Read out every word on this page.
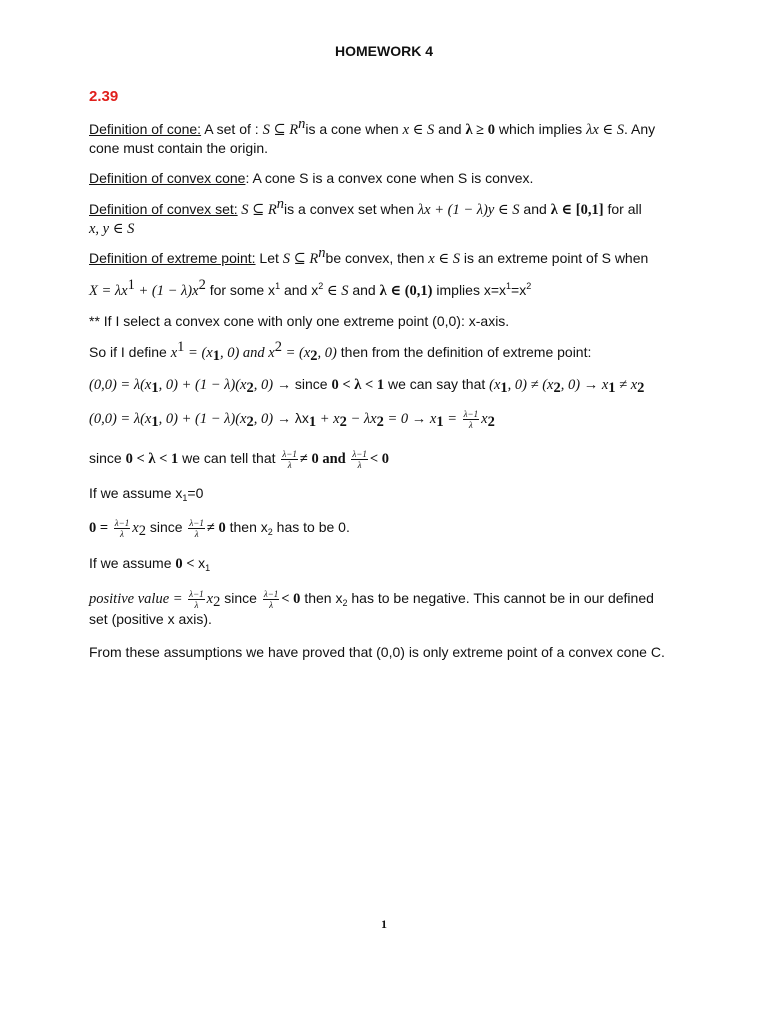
HOMEWORK 4
2.39
Definition of cone: A set of : S ⊆ $R^nis$ a cone when x ∈ S and λ ≥ 0 which implies λx ∈ S. Any
cone must contain the origin.
Definition of convex cone: A cone S is a convex cone when S is convex.
Definition of convex set: S ⊆ $R^nis$ a convex set when λx + (1 − λ)y ∈ S and λ ∈ [0,1] for all
x, y ∈ S
Definition of extreme point: Let S ⊆ $R^nbe$ convex, then x ∈ S is an extreme point of S when
$X = \lambda x^1 + (1 - \lambda)x^2$ for some $x^1$ and $x^2$ ∈ S and λ ∈ (0,1) implies $x=x^1=x^2$
** If I select a convex cone with only one extreme point (0,0): x-axis.
So if I define $x^1 = (x_1$, 0) and $x^2 = (x_2$, 0) then from the definition of extreme point:
$(0,0) = \lambda(x_1$, $0) + (1 - \lambda)(x_2$, 0) → since 0 < λ < 1 we can say that ($x_1$, $0) \ne (x_2$, $0) \to x_1 \ne x_2$
$(0,0) = \lambda(x_1$, $0) + (1 - \lambda)(x_2$, $0) \to \lambda x_1 + x_2 - \lambda x_2 = 0 \to x_1 = \frac{\lambda-1}{\lambda} x_2$
since 0 < λ < 1 we can tell that $\frac{\lambda-1}{\lambda} \ne 0$ and $\frac{\lambda-1}{\lambda} < 0$
If we assume $x_1=0$
$0 = \frac{\lambda-1}{\lambda} x_2$ since $\frac{\lambda-1}{\lambda} \ne 0$ then $x_2$ has to be 0.
If we assume $0 < x_1$
positive value = $\frac{\lambda-1}{\lambda} x_2$ since $\frac{\lambda-1}{\lambda} < 0$ then $x_2$ has to be negative. This cannot be in our defined
set (positive x axis).
From these assumptions we have proved that (0,0) is only extreme point of a convex cone C.
1
